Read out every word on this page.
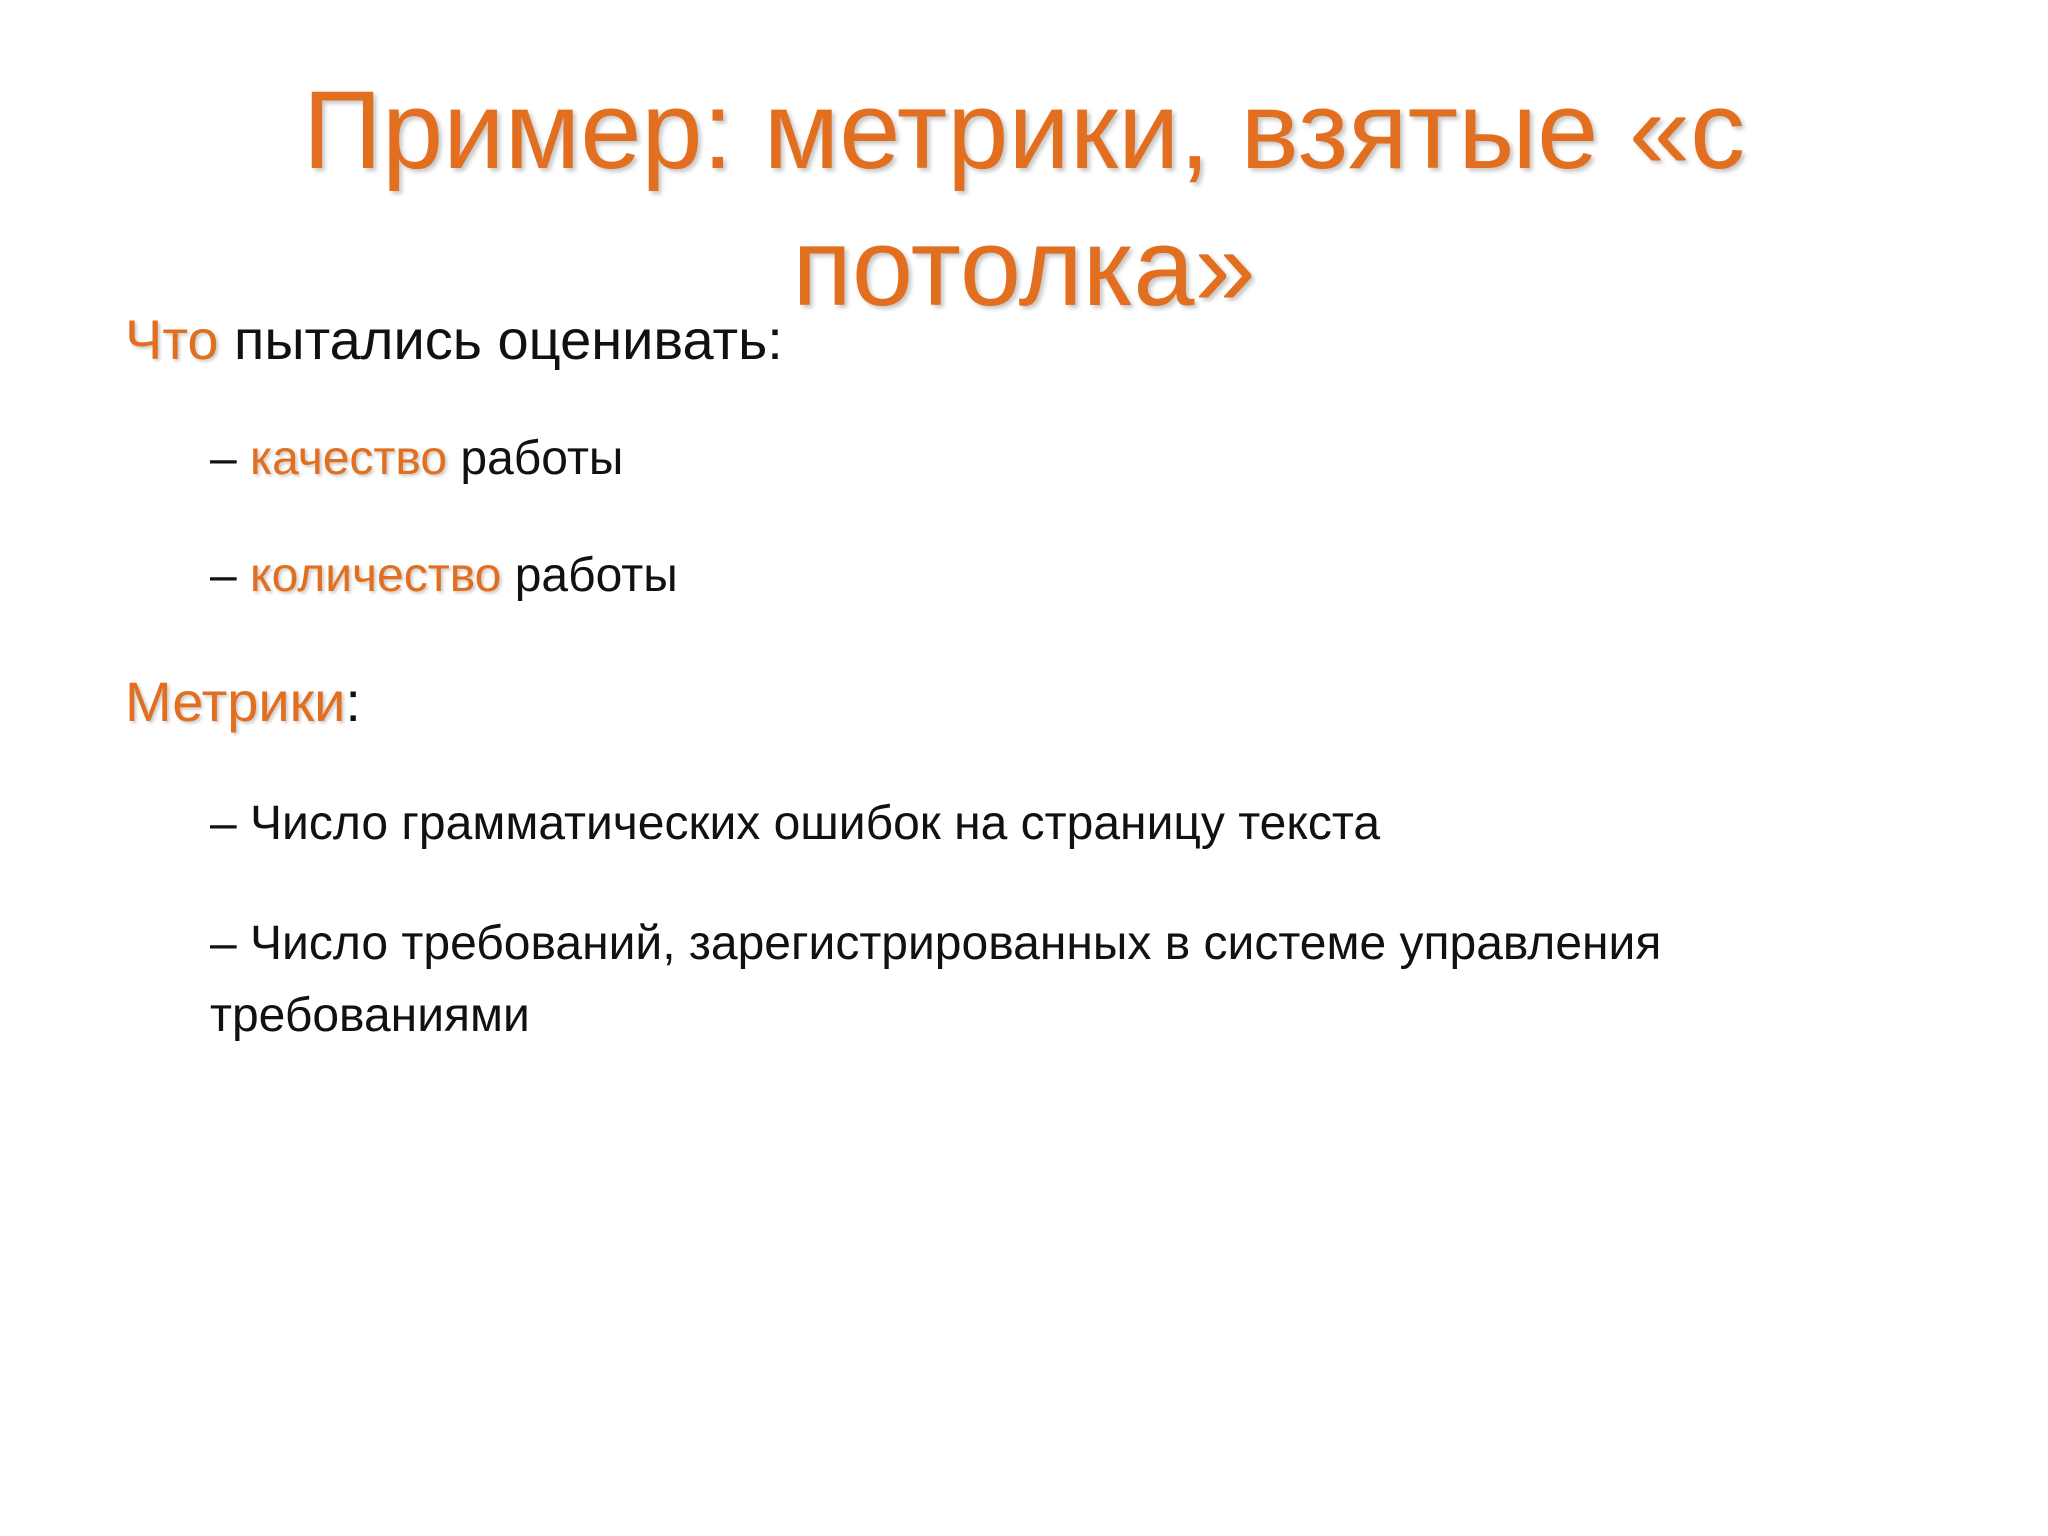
Пример: метрики, взятые «с
потолка»
Что пытались оценивать:
– качество работы
– количество работы
Метрики:
– Число грамматических ошибок на страницу текста
– Число требований, зарегистрированных в системе управления требованиями
